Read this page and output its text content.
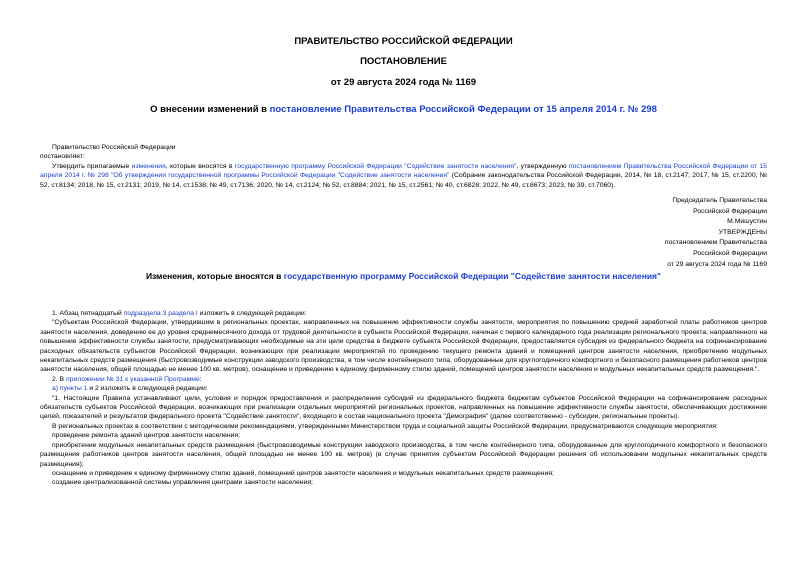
ПРАВИТЕЛЬСТВО РОССИЙСКОЙ ФЕДЕРАЦИИ
ПОСТАНОВЛЕНИЕ
от 29 августа 2024 года № 1169
О внесении изменений в постановление Правительства Российской Федерации от 15 апреля 2014 г. № 298

Правительство Российской Федерации

постановляет:

Утвердить прилагаемые изменения, которые вносятся в государственную программу Российской Федерации "Содействие занятости населения", утвержденную постановлением Правительства Российской Федерации от 15 апреля 2014 г. № 298 "Об утверждении государственной программы Российской Федерации "Содействие занятости населения" (Собрание законодательства Российской Федерации, 2014, № 18, ст.2147; 2017, № 15, ст.2200; № 52, ст.8134; 2018, № 15, ст.2131; 2019, № 14, ст.1538; № 49, ст.7136; 2020, № 14, ст.2124; № 52, ст.8884; 2021, № 15, ст.2561; № 40, ст.6828; 2022, № 49, ст.8673; 2023, № 39, ст.7060).

Председатель Правительства
Российской Федерации
М.Мишустин
УТВЕРЖДЕНЫ
постановлением Правительства
Российской Федерации
от 29 августа 2024 года № 1169
Изменения, которые вносятся в государственную программу Российской Федерации "Содействие занятости населения"

1. Абзац пятнадцатый подраздела 3 раздела I изложить в следующей редакции:

"Субъектам Российской Федерации, утвердившим в региональных проектах, направленных на повышение эффективности службы занятости, мероприятия по повышению средней заработной платы работников центров занятости населения, доведению ее до уровня среднемесячного дохода от трудовой деятельности в субъекте Российской Федерации, начиная с первого календарного года реализации регионального проекта, направленного на повышение эффективности службы занятости, предусматривающих необходимые на эти цели средства в бюджете субъекта Российской Федерации, предоставляется субсидия из федерального бюджета на софинансирование расходных обязательств субъектов Российской Федерации, возникающих при реализации мероприятий по проведению текущего ремонта зданий и помещений центров занятости населения, приобретению модульных некапитальных средств размещения (быстровозводимые конструкции заводского производства, в том числе контейнерного типа, оборудованные для круглогодичного комфортного и безопасного размещения работников центров занятости населения, общей площадью не менее 100 кв. метров), оснащение и приведению к единому фирменному стилю зданий, помещений центров занятости населения и модульных некапитальных средств размещения.".

2. В приложении № 31 к указанной Программе:

а) пункты 1 и 2 изложить в следующей редакции:

"1. Настоящие Правила устанавливают цели, условия и порядок предоставления и распределения субсидий из федерального бюджета бюджетам субъектов Российской Федерации на софинансирование расходных обязательств субъектов Российской Федерации, возникающих при реализации отдельных мероприятий региональных проектов, направленных на повышение эффективности службы занятости, обеспечивающих достижение целей, показателей и результатов федерального проекта "Содействие занятости", входящего в состав национального проекта "Демография" (далее соответственно - субсидии, региональные проекты).

В региональных проектах в соответствии с методическими рекомендациями, утвержденными Министерством труда и социальной защиты Российской Федерации, предусматриваются следующие мероприятия:

проведение ремонта зданий центров занятости населения;

приобретение модульных некапитальных средств размещения (быстровозводимые конструкции заводского производства, в том числе контейнерного типа, оборудованные для круглогодичного комфортного и безопасного размещения работников центров занятости населения, общей площадью не менее 100 кв. метров) (в случае принятия субъектом Российской Федерации решения об использовании модульных некапитальных средств размещения);

оснащение и приведение к единому фирменному стилю зданий, помещений центров занятости населения и модульных некапитальных средств размещения;

создание централизованной системы управления центрами занятости населения;
